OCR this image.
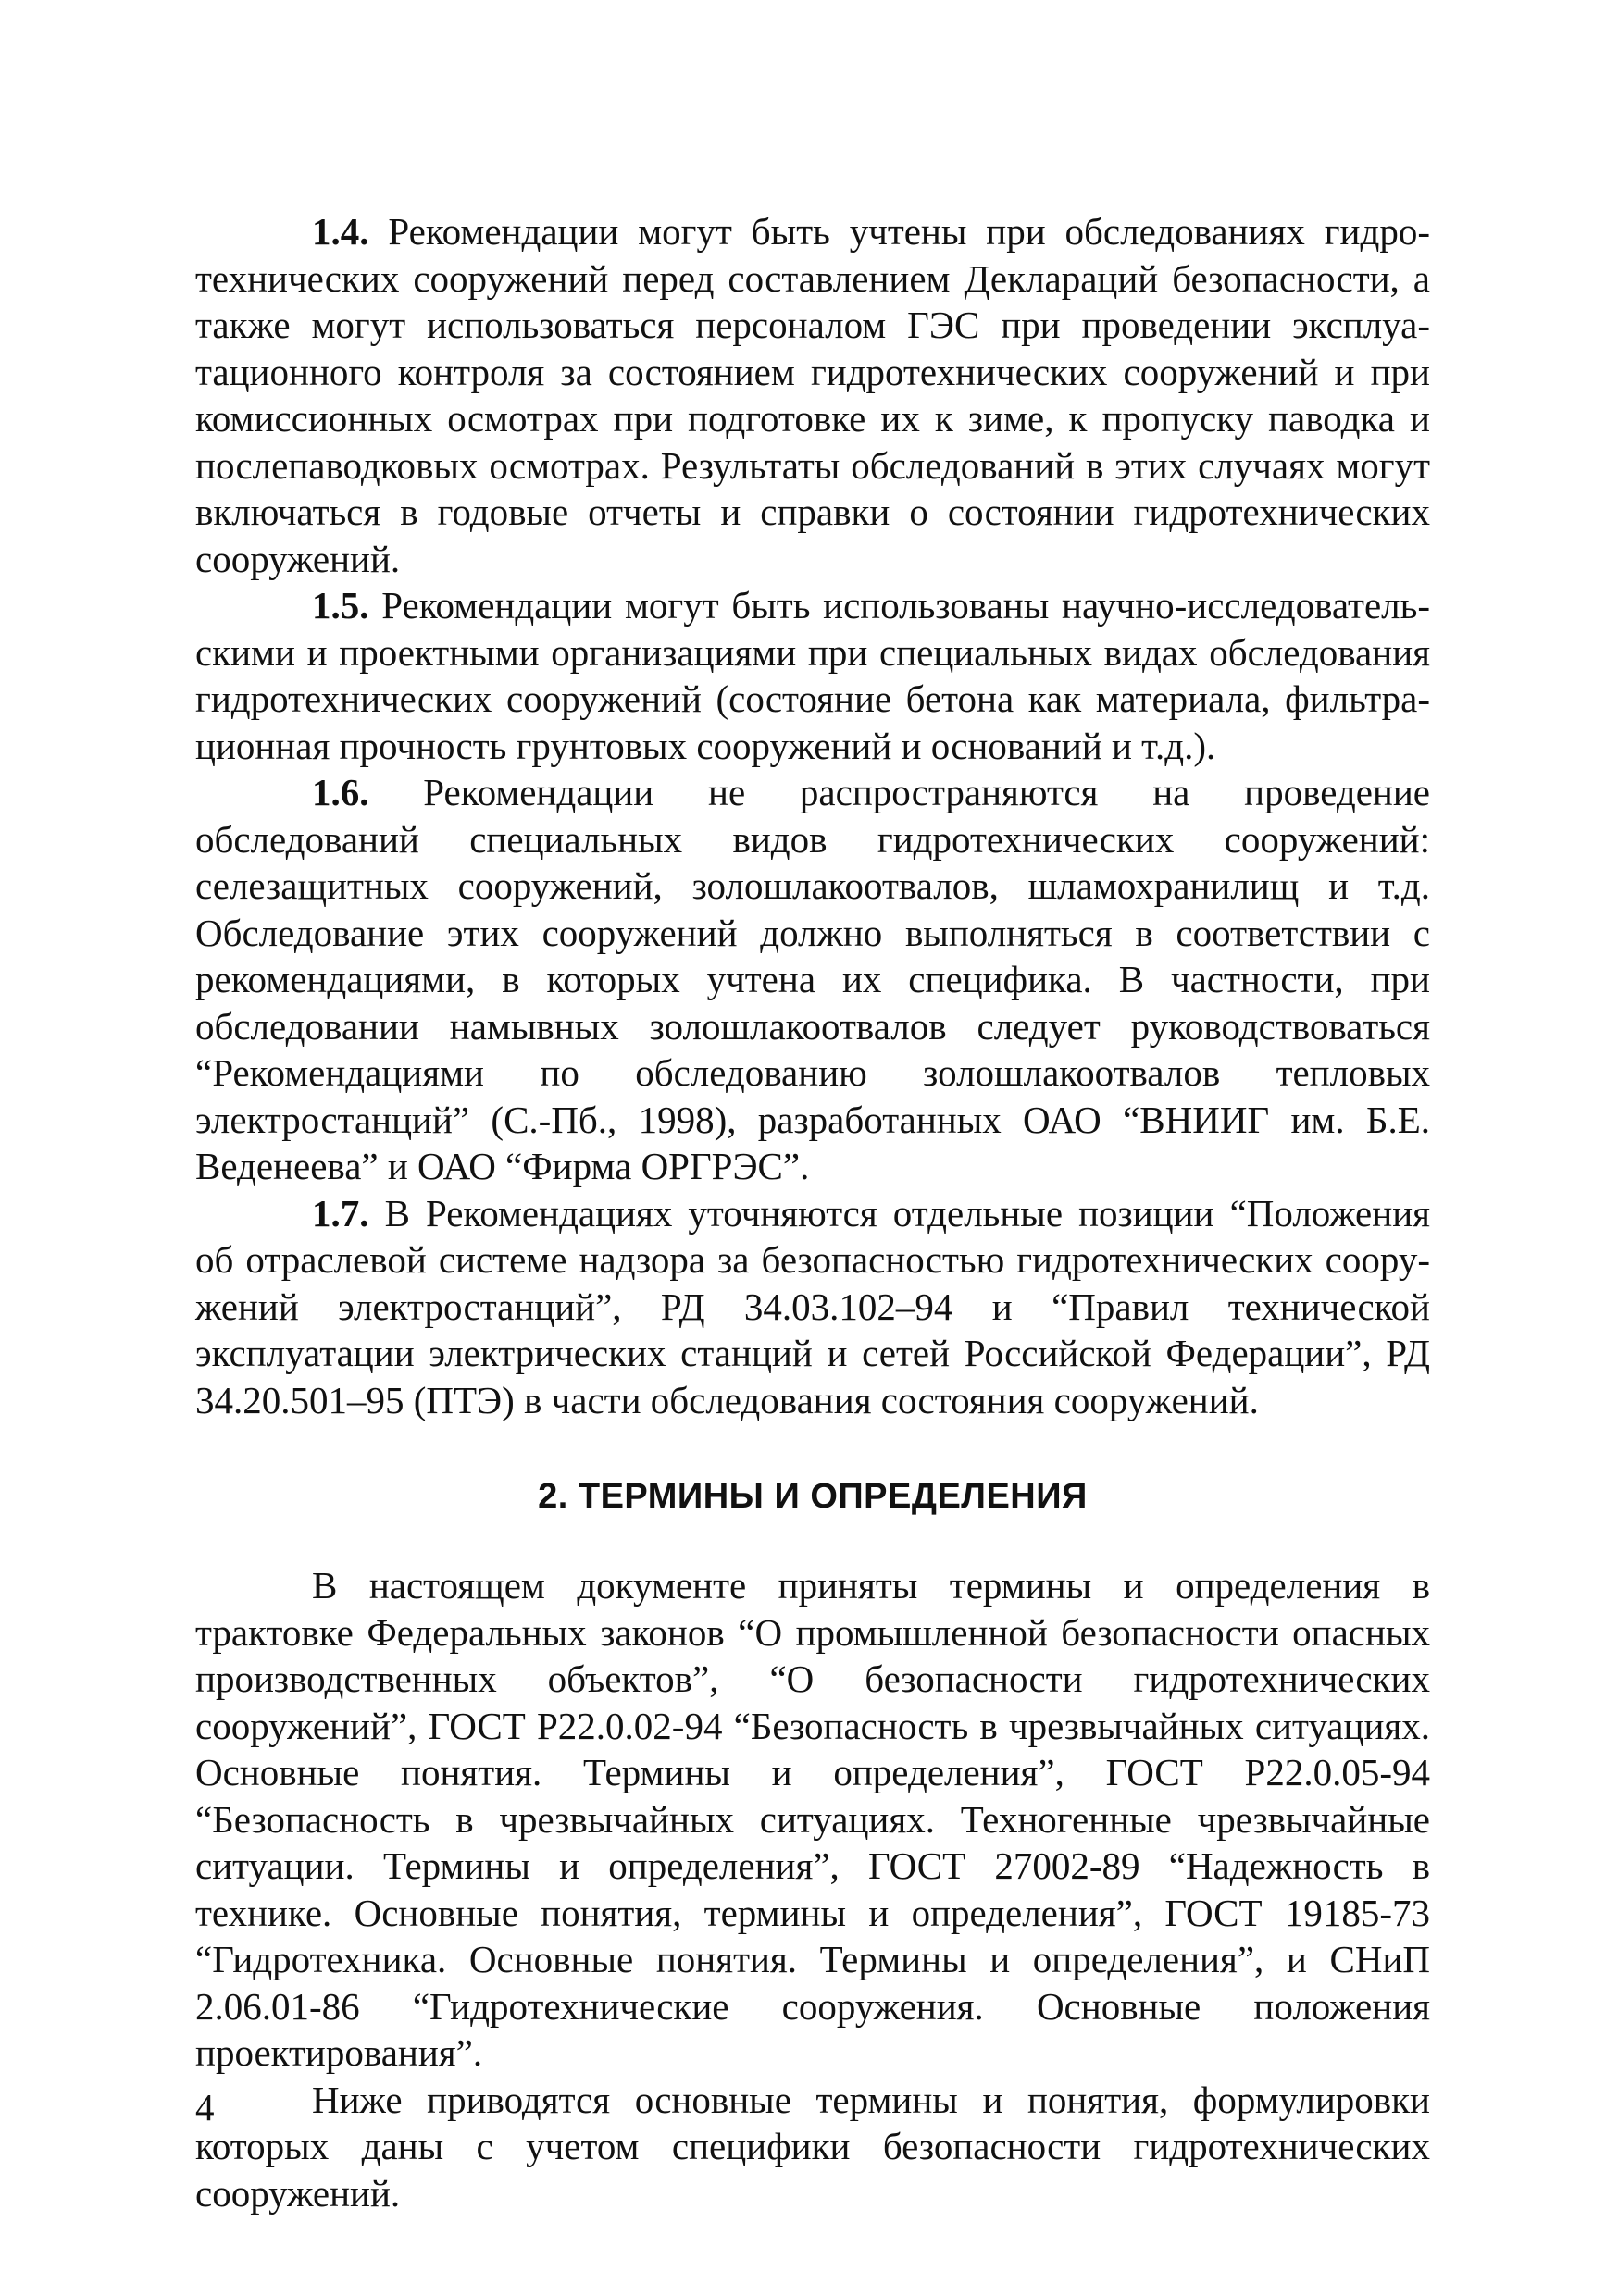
1.4. Рекомендации могут быть учтены при обследованиях гидротехнических сооружений перед составлением Деклараций безопасности, а также могут использоваться персоналом ГЭС при проведении эксплуатационного контроля за состоянием гидротехнических сооружений и при комиссионных осмотрах при подготовке их к зиме, к пропуску паводка и послепаводковых осмотрах. Результаты обследований в этих случаях могут включаться в годовые отчеты и справки о состоянии гидротехнических сооружений.

1.5. Рекомендации могут быть использованы научно-исследовательскими и проектными организациями при специальных видах обследования гидротехнических сооружений (состояние бетона как материала, фильтрационная прочность грунтовых сооружений и оснований и т.д.).

1.6. Рекомендации не распространяются на проведение обследований специальных видов гидротехнических сооружений: селезащитных сооружений, золошлакоотвалов, шламохранилищ и т.д. Обследование этих сооружений должно выполняться в соответствии с рекомендациями, в которых учтена их специфика. В частности, при обследовании намывных золошлакоотвалов следует руководствоваться “Рекомендациями по обследованию золошлакоотвалов тепловых электростанций” (С.-Пб., 1998), разработанных ОАО “ВНИИГ им. Б.Е. Веденеева” и ОАО “Фирма ОРГРЭС”.

1.7. В Рекомендациях уточняются отдельные позиции “Положения об отраслевой системе надзора за безопасностью гидротехнических сооружений электростанций”, РД 34.03.102–94 и “Правил технической эксплуатации электрических станций и сетей Российской Федерации”, РД 34.20.501–95 (ПТЭ) в части обследования состояния сооружений.

2. ТЕРМИНЫ И ОПРЕДЕЛЕНИЯ

В настоящем документе приняты термины и определения в трактовке Федеральных законов “О промышленной безопасности опасных производственных объектов”, “О безопасности гидротехнических сооружений”, ГОСТ Р22.0.02-94 “Безопасность в чрезвычайных ситуациях. Основные понятия. Термины и определения”, ГОСТ Р22.0.05-94 “Безопасность в чрезвычайных ситуациях. Техногенные чрезвычайные ситуации. Термины и определения”, ГОСТ 27002-89 “Надежность в технике. Основные понятия, термины и определения”, ГОСТ 19185-73 “Гидротехника. Основные понятия. Термины и определения”, и СНиП 2.06.01-86 “Гидротехнические сооружения. Основные положения проектирования”.

Ниже приводятся основные термины и понятия, формулировки которых даны с учетом специфики безопасности гидротехнических сооружений.

4
